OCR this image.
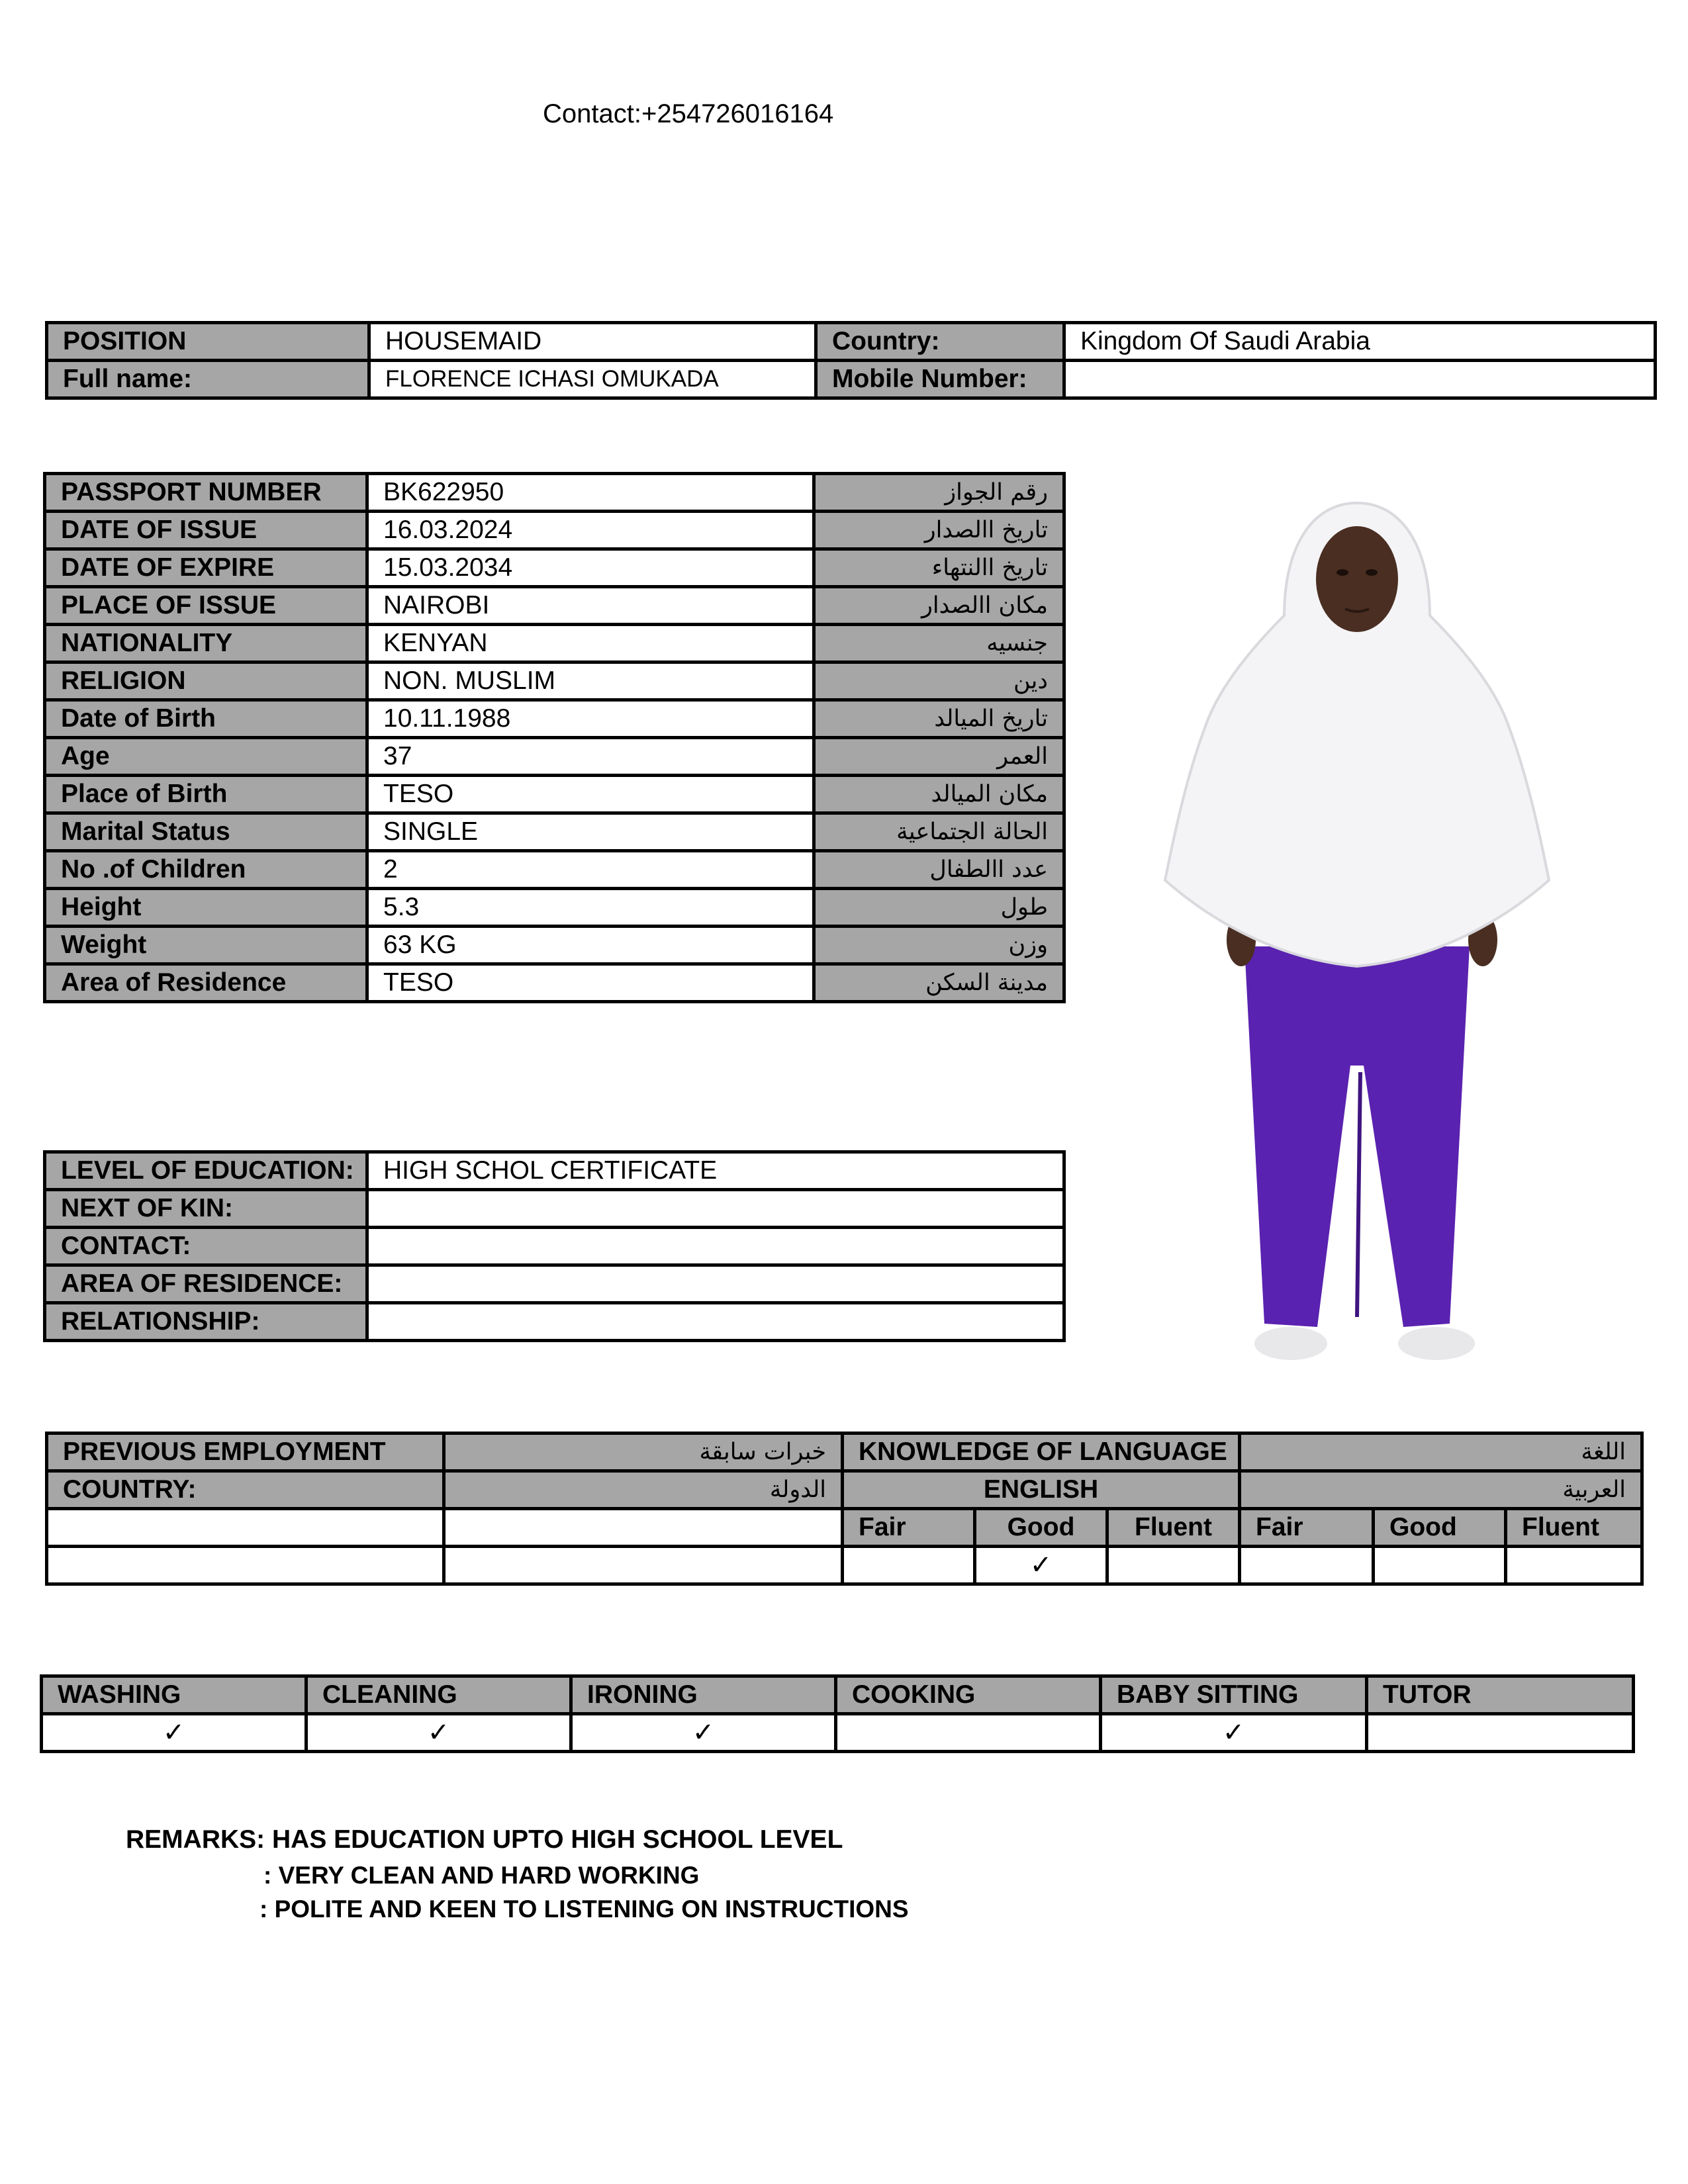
Contact:+254726016164
POSITION	HOUSEMAID	Country:	Kingdom Of Saudi Arabia
Full name:	FLORENCE ICHASI OMUKADA	Mobile Number:	
PASSPORT NUMBER	BK622950	رقم الجواز
DATE OF ISSUE	16.03.2024	تاريخ االصدار
DATE OF EXPIRE	15.03.2034	تاريخ االنتهاء
PLACE OF ISSUE	NAIROBI	مكان االصدار
NATIONALITY	KENYAN	جنسيه
RELIGION	NON. MUSLIM	دين
Date of Birth	10.11.1988	تاريخ الميالد
Age	37	العمر
Place of Birth	TESO	مكان الميالد
Marital Status	SINGLE	الحالة الجتماعية
No .of Children	2	عدد االطفال
Height	5.3	طول
Weight	63 KG	وزن
Area of Residence	TESO	مدينة السكن
LEVEL OF EDUCATION:	HIGH SCHOL CERTIFICATE
NEXT OF KIN:	
CONTACT:	
AREA OF RESIDENCE:	
RELATIONSHIP:	
PREVIOUS EMPLOYMENT	خبرات سابقة	KNOWLEDGE OF LANGUAGE			اللغة		
COUNTRY:	الدولة	ENGLISH			العربية		
		Fair	Good	Fluent	Fair	Good	Fluent
			✓				
WASHING	CLEANING	IRONING	COOKING	BABY SITTING	TUTOR
✓	✓	✓		✓	
REMARKS: HAS EDUCATION UPTO HIGH SCHOOL LEVEL
: VERY CLEAN AND HARD WORKING
: POLITE AND KEEN TO LISTENING ON INSTRUCTIONS
